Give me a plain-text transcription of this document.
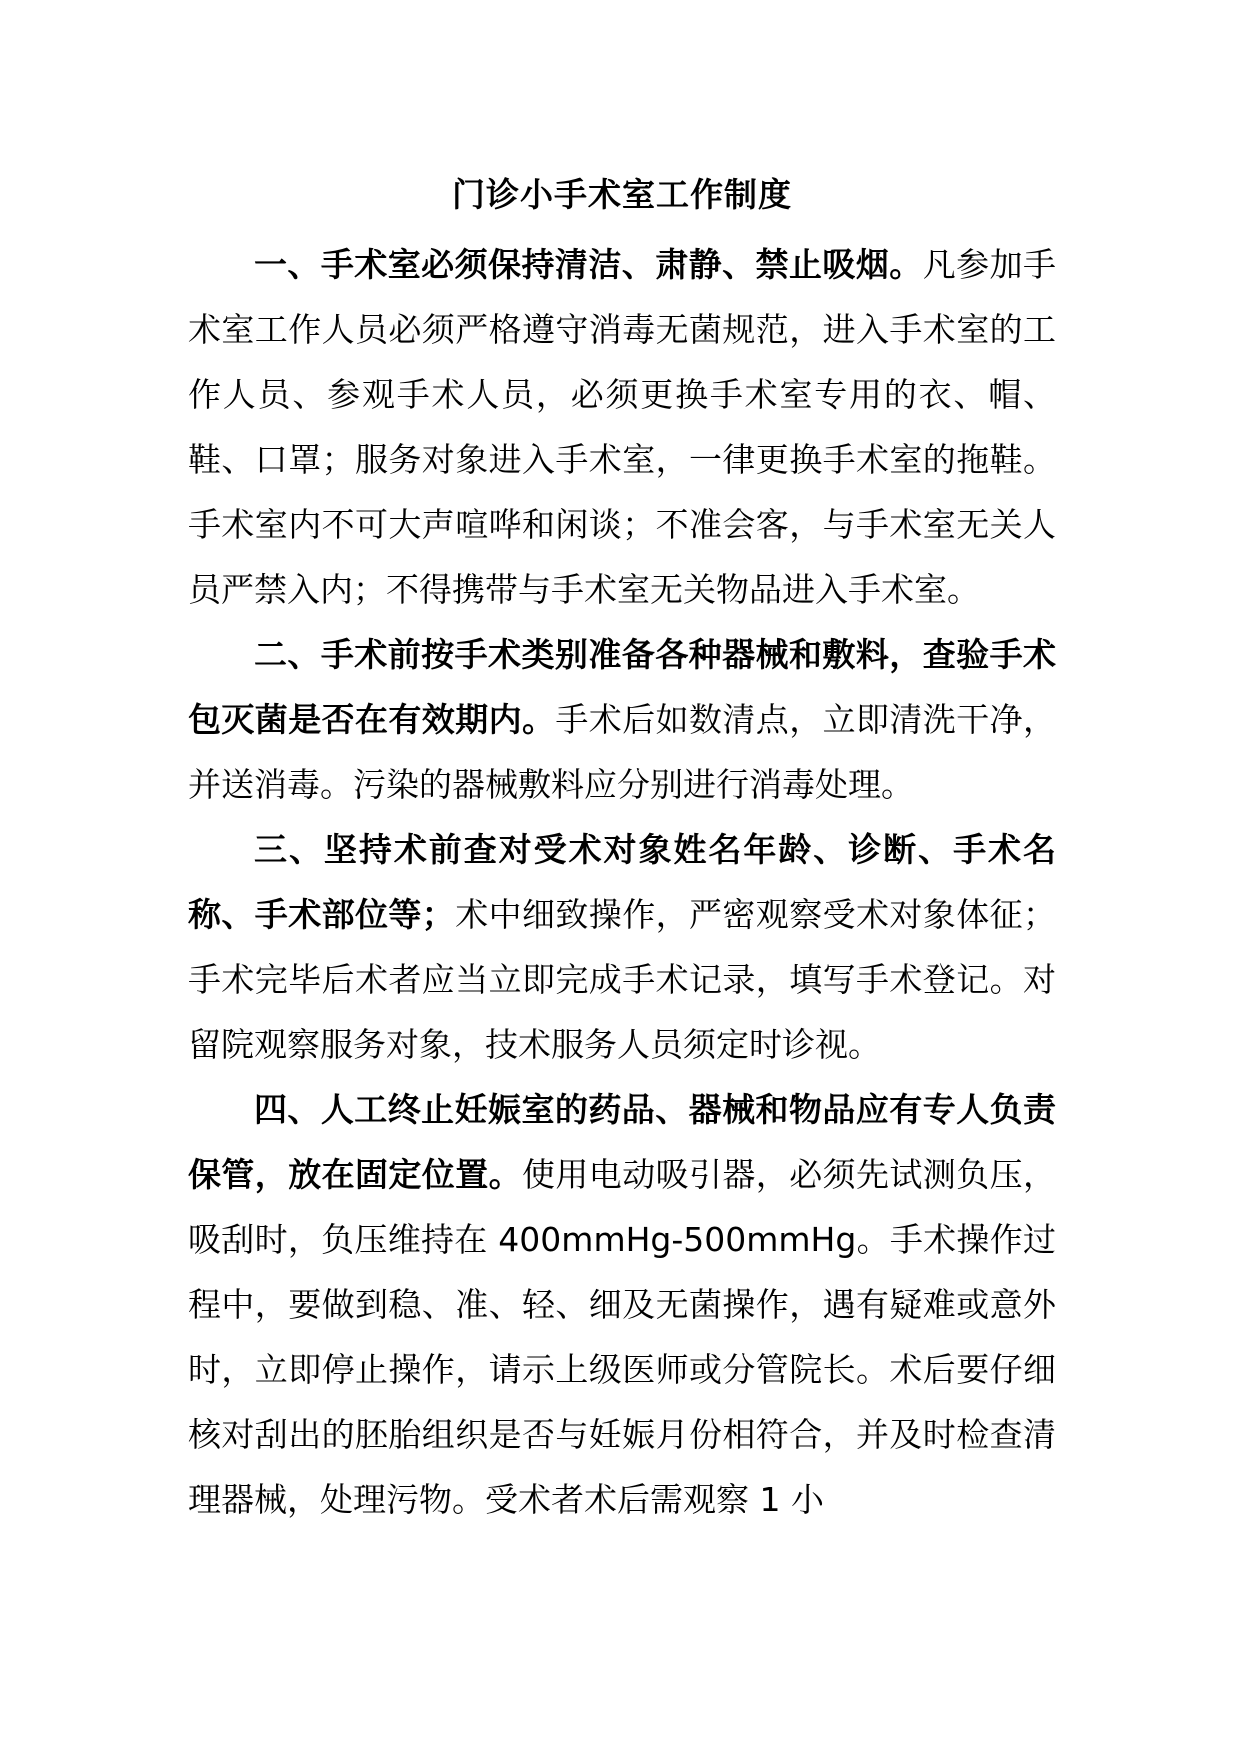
门诊小手术室工作制度

一、手术室必须保持清洁、肃静、禁止吸烟。凡参加手术室工作人员必须严格遵守消毒无菌规范，进入手术室的工作人员、参观手术人员，必须更换手术室专用的衣、帽、鞋、口罩；服务对象进入手术室，一律更换手术室的拖鞋。手术室内不可大声喧哗和闲谈；不准会客，与手术室无关人员严禁入内；不得携带与手术室无关物品进入手术室。

二、手术前按手术类别准备各种器械和敷料，查验手术包灭菌是否在有效期内。手术后如数清点，立即清洗干净，并送消毒。污染的器械敷料应分别进行消毒处理。

三、坚持术前查对受术对象姓名年龄、诊断、手术名称、手术部位等；术中细致操作，严密观察受术对象体征；手术完毕后术者应当立即完成手术记录，填写手术登记。对留院观察服务对象，技术服务人员须定时诊视。

四、人工终止妊娠室的药品、器械和物品应有专人负责保管，放在固定位置。使用电动吸引器，必须先试测负压，吸刮时，负压维持在 400mmHg-500mmHg。手术操作过程中，要做到稳、准、轻、细及无菌操作，遇有疑难或意外时，立即停止操作，请示上级医师或分管院长。术后要仔细核对刮出的胚胎组织是否与妊娠月份相符合，并及时检查清理器械，处理污物。受术者术后需观察 1 小
